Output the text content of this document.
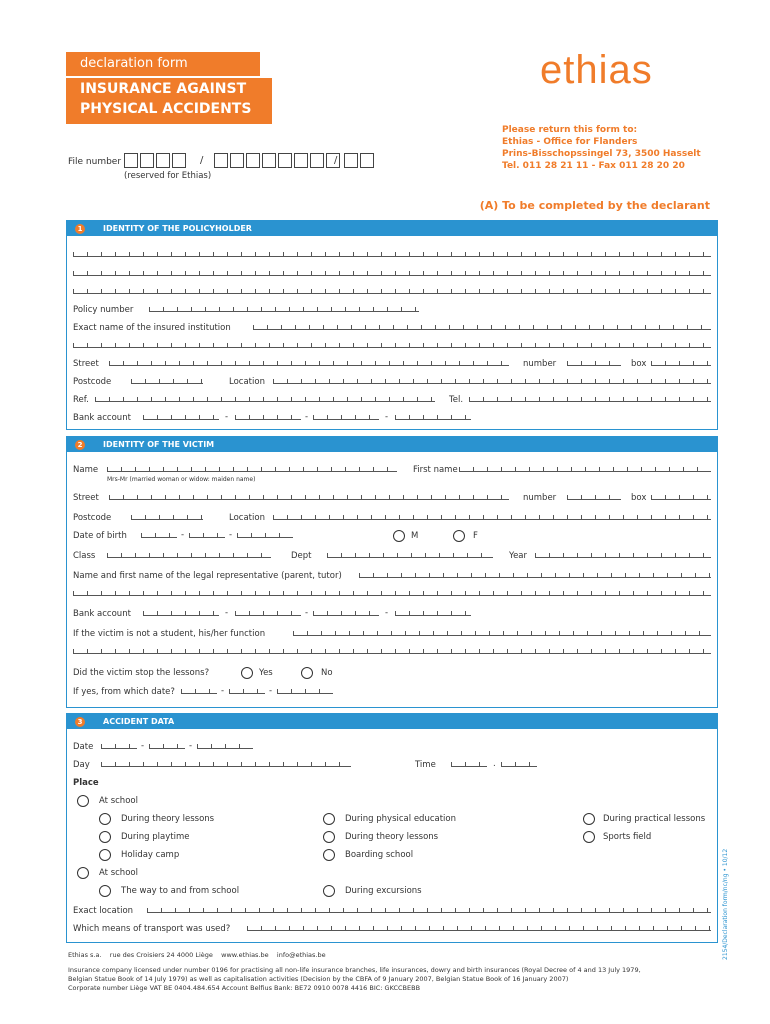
declaration form
INSURANCE AGAINST
PHYSICAL ACCIDENTS
ethias
Please return this form to:
Ethias - Office for Flanders
Prins-Bisschopssingel 73, 3500 Hasselt
Tel. 011 28 21 11 - Fax 011 28 20 20
File number	/	/
(reserved for Ethias)
(A) To be completed by the declarant
1	IDENTITY OF THE POLICYHOLDER
Policy number
Exact name of the insured institution
Street	number	box
Postcode	Location
Ref.	Tel.
Bank account	-	-	-
2	IDENTITY OF THE VICTIM
Name
Mrs-Mr (married woman or widow: maiden name)
First name
Street	number	box
Postcode	Location
Date of birth	-	-	M	F
Class	Dept	Year
Name and first name of the legal representative (parent, tutor)
Bank account	-	-	-
If the victim is not a student, his/her function
Did the victim stop the lessons?	Yes	No
If yes, from which date?	-	-
3	ACCIDENT DATA
Date	-	-
Day	Time	.
Place
At school
During theory lessons	During physical education	During practical lessons
During playtime	During theory lessons	Sports field
Holiday camp	Boarding school
At school
The way to and from school	During excursions
Exact location
Which means of transport was used?
Ethias s.a. rue des Croisiers 24 4000 Liège www.ethias.be info@ethias.be
Insurance company licensed under number 0196 for practising all non-life insurance branches, life insurances, dowry and birth insurances (Royal Decree of 4 and 13 July 1979,
Belgian Statue Book of 14 July 1979) as well as capitalisation activities (Decision by the CBFA of 9 January 2007, Belgian Statue Book of 16 January 2007)
Corporate number Liège VAT BE 0404.484.654 Account Belfius Bank: BE72 0910 0078 4416 BIC: GKCCBEBB
2154/Declaration form/nc/ng • 10/12
